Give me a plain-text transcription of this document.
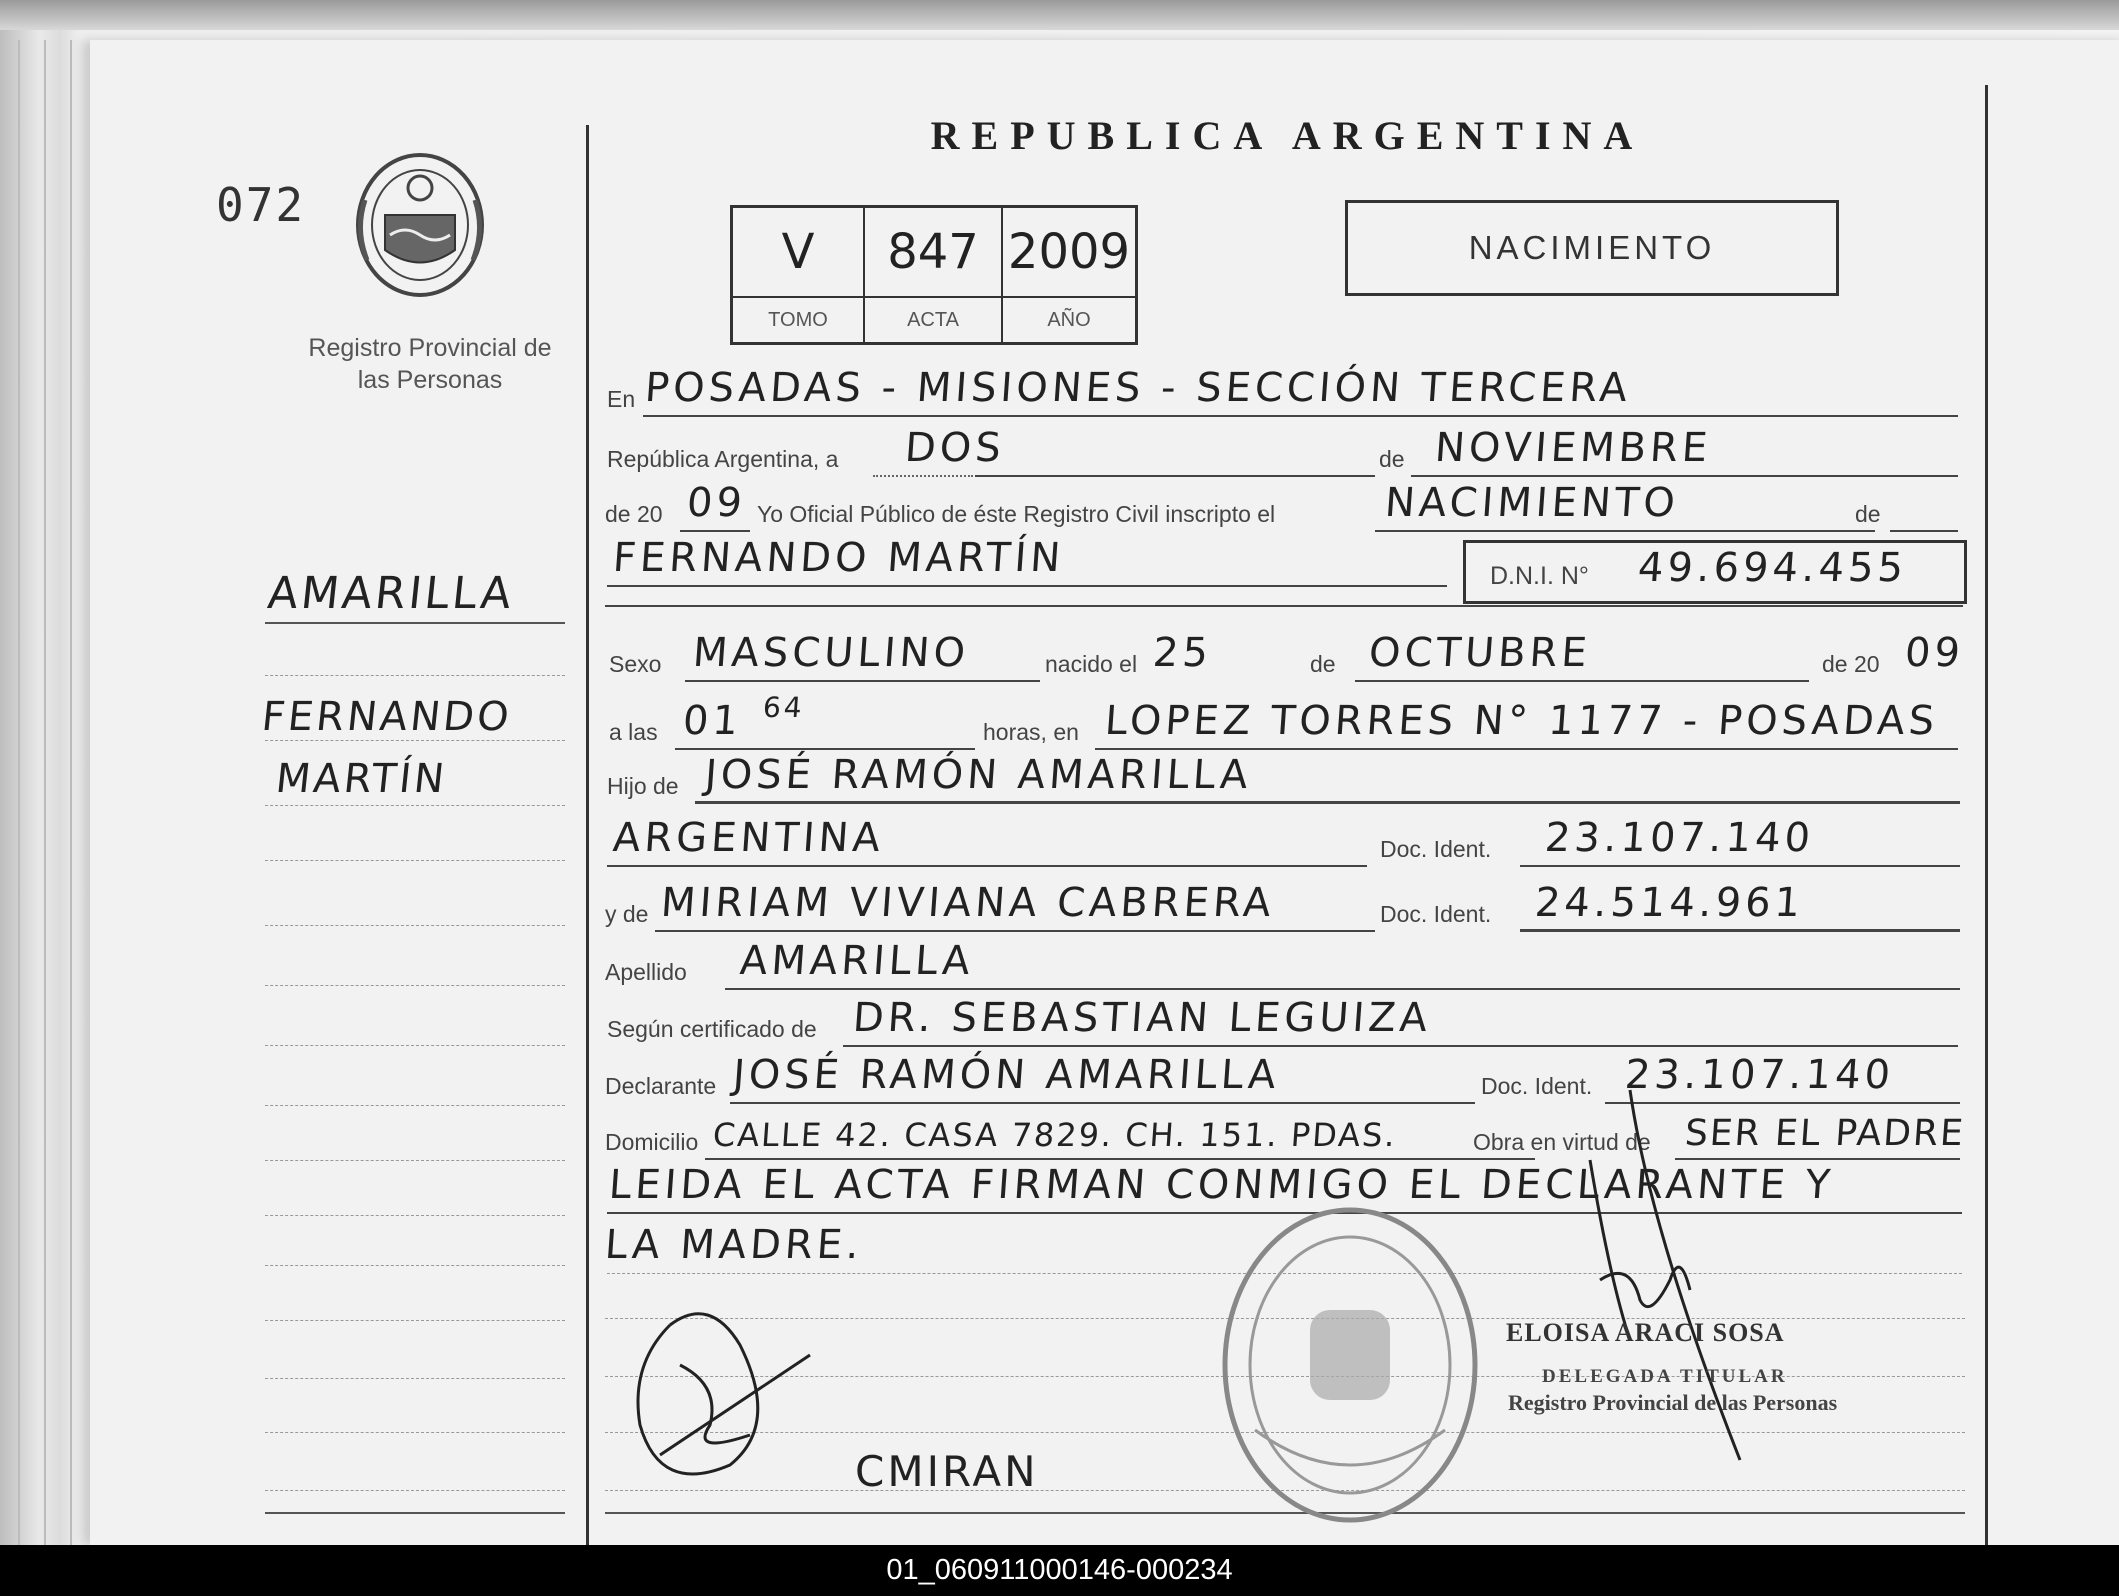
072
Registro Provincial de las Personas
AMARILLA
FERNANDO
MARTÍN
REPUBLICA ARGENTINA
V	847 2009
TOMO	ACTA	AÑO
NACIMIENTO
En POSADAS - MISIONES - SECCIÓN TERCERA
República Argentina, a DOS	de NOVIEMBRE
de 20 09 Yo Oficial Público de éste Registro Civil inscripto el	NACIMIENTO	de
FERNANDO MARTÍN	D.N.I. N° 49.694.455
Sexo MASCULINO	nacido el 25	de OCTUBRE	de 20 09
a las 01 64
horas, en LOPEZ TORRES N° 1177 - POSADAS
Hijo de JOSÉ RAMÓN AMARILLA
ARGENTINA	Doc. Ident. 23.107.140
y de MIRIAM VIVIANA CABRERA	Doc. Ident. 24.514.961
Apellido AMARILLA
Según certificado de DR. SEBASTIAN LEGUIZA
Declarante JOSÉ RAMÓN AMARILLA	Doc. Ident. 23.107.140
Domicilio CALLE 42. CASA 7829. CH. 151. PDAS.	Obra en virtud de SER EL PADRE
LEIDA EL ACTA FIRMAN CONMIGO EL DECLARANTE Y
LA MADRE.
CMIRAN
ELOISA ARACI SOSA
DELEGADA TITULAR
Registro Provincial de las Personas
01_060911000146-000234
